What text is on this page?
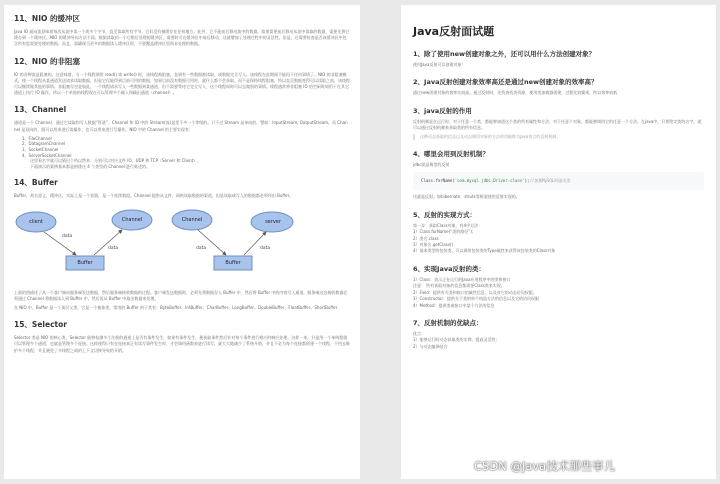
11、NIO 的缓冲区

Java IO 面向流意味着每次从流中读一个或多个字节，直至读取所有字节，它们没有被缓存在任何地方。此外，它不能前后移动流中的数据。如果需要前后移动从流中读取的数据，需要先将它缓存到一个缓冲区。NIO 的缓冲导向方法不同。数据读取到一个它稍后处理的缓冲区，需要时可在缓冲区中前后移动。这就增加了处理过程中的灵活性。但是，还需要检查是否该缓冲区中包含所有您需要处理的数据。而且，需确保当更多的数据读入缓冲区时，不要覆盖缓冲区里尚未处理的数据。

12、NIO 的非阻塞

IO 的各种流是阻塞的。这意味着，当一个线程调用 read() 或 write() 时，该线程被阻塞，直到有一些数据被读取，或数据完全写入。该线程在此期间不能再干任何事情了。NIO 的非阻塞模式，使一个线程从某通道发送请求读取数据，但是它仅能得到目前可用的数据，如果目前没有数据可用时，就什么都不会获取。而不是保持线程阻塞，所以直至数据变得可以读取之前，该线程可以继续做其他的事情。非阻塞写也是如此。一个线程请求写入一些数据到某通道，但不需要等待它完全写入，这个线程同时可以去做别的事情。线程通常将非阻塞 IO 的空闲时间用于在其它通道上执行 IO 操作，所以一个单独的线程现在可以管理多个输入和输出通道（channel）。

13、Channel

通道是一个 Channel，通过它读取和写入数据“管道”。Channel 和 IO 中的 Stream(流)是差不多一个等级的。只不过 Stream 是单向的，譬如：InputStream, OutputStream。而 Channel 是双向的，既可以用来进行读操作，也可以用来进行写操作。NIO 中的 Channel 的主要实现有：

1、FileChannel
2、DatagramChannel
3、SocketChannel
4、ServerSocketChannel
这里看名字就可以猜出个所以然来：分别可以对应文件 IO、UDP 和 TCP（Server 和 Client）。
下面演示的案例基本都是围绕这 4 个类型的 Channel 进行陈述的。
14、Buffer

Buffer，故名思义，缓冲区，实际上是一个容器，是一个连续数组。Channel 提供从文件、网络读取数据的渠道，但是读取或写入的数据都必须经由 Buffer。

client	Channel	Channel	server
Buffer	Buffer
data
data	data	data

上面的图描述了从一个客户端向服务端发送数据，然后服务端接收数据的过程。客户端发送数据时，必须先将数据存入 Buffer 中，然后将 Buffer 中的内容写入通道。服务端这边接收数据必须通过 Channel 将数据读入到 Buffer 中，然后再从 Buffer 中取出数据来处理。

在 NIO 中，Buffer 是一个顶层父类，它是一个抽象类，常用的 Buffer 的子类有：ByteBuffer、IntBuffer、CharBuffer、LongBuffer、DoubleBuffer、FloatBuffer、ShortBuffer

15、Selector

Selector 类是 NIO 的核心类，Selector 能够检测多个注册的通道上是否有事件发生，如果有事件发生，便获取事件然后针对每个事件进行相应的响应处理。这样一来，只是用一个单线程就可以管理多个通道，也就是管理多个连接。这样使得只有在连接真正有读写事件发生时，才会调用函数来进行读写，就大大地减少了系统开销，并且不必为每个连接都创建一个线程，不用去维护多个线程，并且避免了多线程之间的上下文切换导致的开销。

Java反射面试题
1、除了使用new创建对象之外，还可以用什么方法创建对象？
使用Java反射可以创建对象！
2、Java反射创建对象效率高还是通过new创建对象的效率高？
通过new创建对象的效率比较高。通过反射时，先找查找类资源，使用类加载器创建，过程比较繁琐，所以效率较低
3、java反射的作用
反射机制是在运行时，对于任意一个类，都能够知道这个类的所有属性和方法；对于任意个对象，都能够调用它的任意一个方法。在java中，只要给定类的名字，就可以通过反射机制来获取类的所有信息。
这种动态获取的信息以及动态调用对象的方法的功能称为java语言的反射机制。
4、哪里会用到反射机制？
jdbc就是典型的反射
Class.forName('com.mysql.jdbc.Driver.class');//加载MySQL的驱动类
这就是反射。如hibernate，struts等框架使用反射实现的。
5、反射的实现方式：
第一步：获取Class对象，有4中方法：
1）Class.forName(“类的路径”)；
2）类名.class
3）对象名.getClass()
4）基本类型的包装类，可以调用包装类的Type属性来获得该包装类的Class对象
6、实现Java反射的类：
1）Class：表示正在运行的Java应用程序中的类和接口
注意： 所有获取对象的信息都需要Class类来实现。
2）Field：提供有关类和接口的属性信息，以及对它的动态访问权限。
3）Constructor：提供关于类的单个构造方法的信息以及它的访问权限
4）Method：提供类或接口中某个方法的信息
7、反射机制的优缺点：
优点：
1）能够运行时动态获取类的实例，提高灵活性；
2）与动态编译结合
CSDN @Java技术那些事儿
